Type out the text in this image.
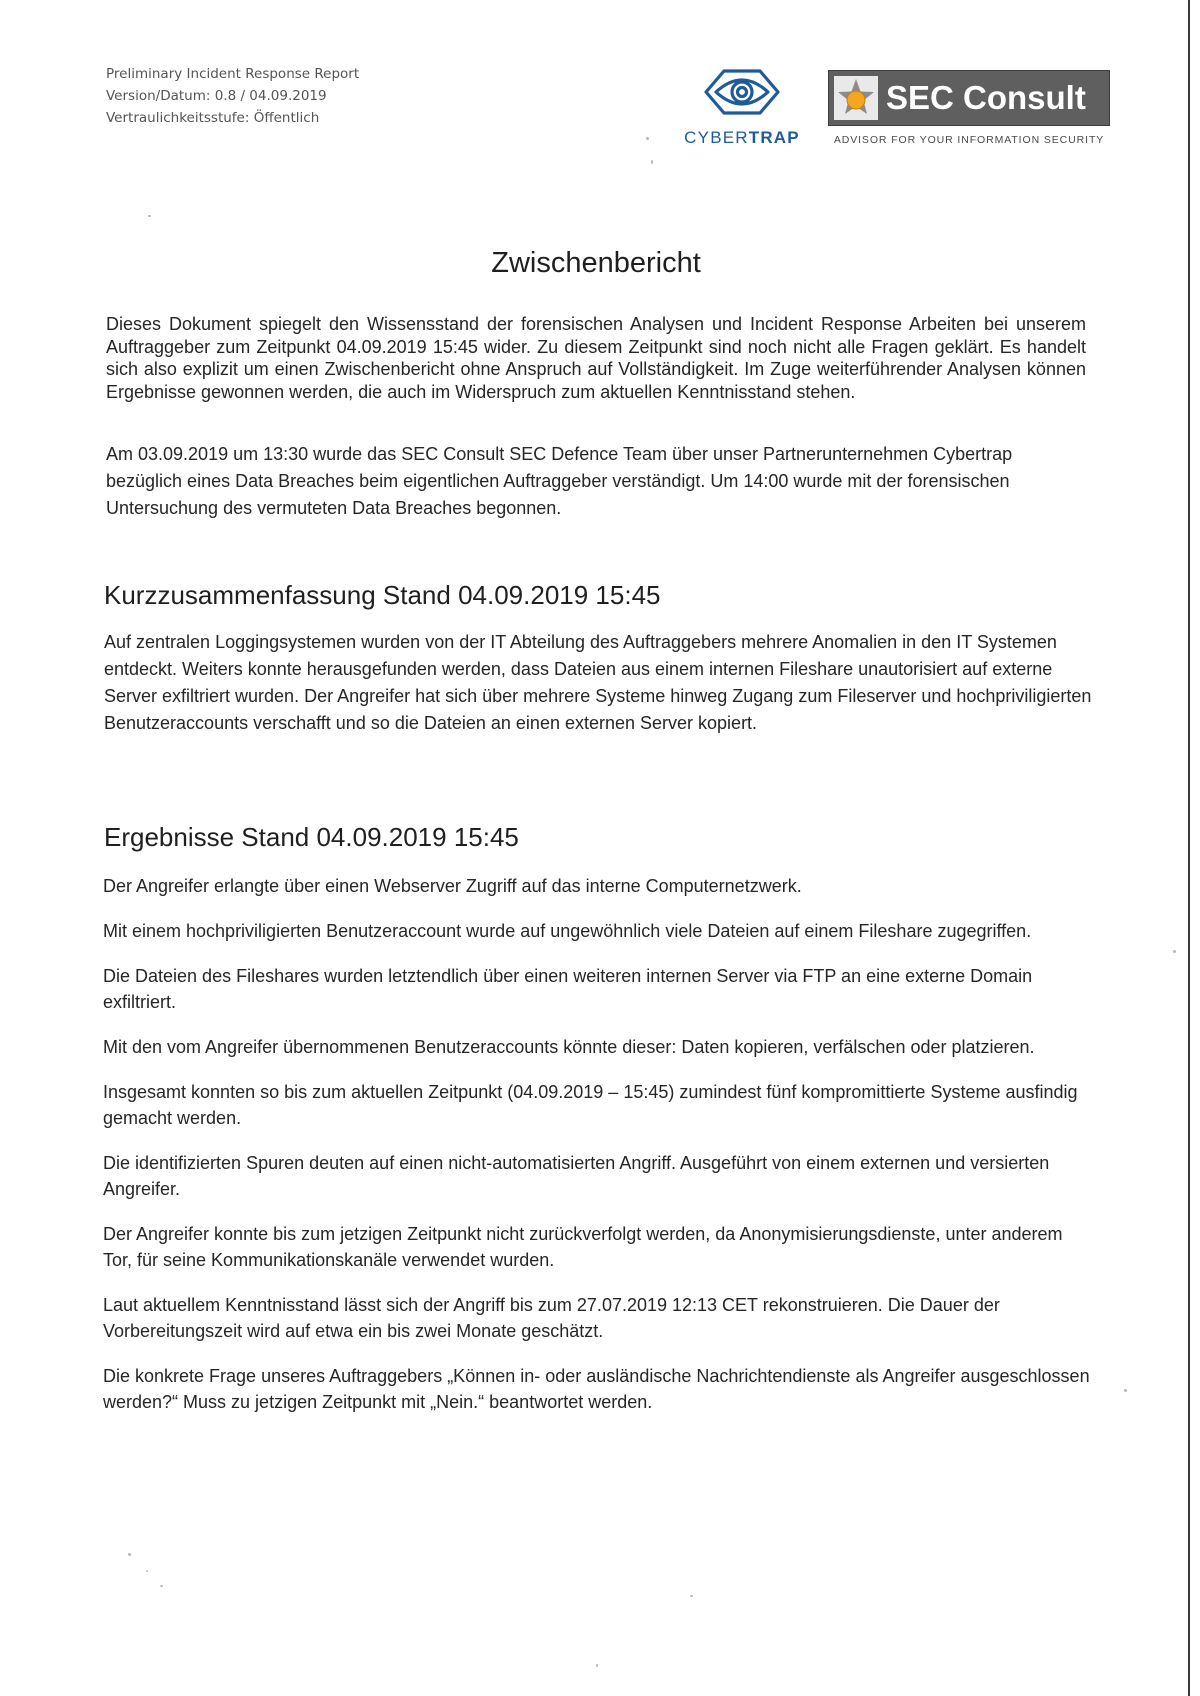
Preliminary Incident Response Report
Version/Datum: 0.8 / 04.09.2019
Vertraulichkeitsstufe: Öffentlich
CYBERTRAP
SEC Consult
ADVISOR FOR YOUR INFORMATION SECURITY
Zwischenbericht
Dieses Dokument spiegelt den Wissensstand der forensischen Analysen und Incident Response Arbeiten bei unserem Auftraggeber zum Zeitpunkt 04.09.2019 15:45 wider. Zu diesem Zeitpunkt sind noch nicht alle Fragen geklärt. Es handelt sich also explizit um einen Zwischenbericht ohne Anspruch auf Vollständigkeit. Im Zuge weiterführender Analysen können Ergebnisse gewonnen werden, die auch im Widerspruch zum aktuellen Kenntnisstand stehen.
Am 03.09.2019 um 13:30 wurde das SEC Consult SEC Defence Team über unser Partnerunternehmen Cybertrap bezüglich eines Data Breaches beim eigentlichen Auftraggeber verständigt. Um 14:00 wurde mit der forensischen Untersuchung des vermuteten Data Breaches begonnen.
Kurzzusammenfassung Stand 04.09.2019 15:45
Auf zentralen Loggingsystemen wurden von der IT Abteilung des Auftraggebers mehrere Anomalien in den IT Systemen entdeckt. Weiters konnte herausgefunden werden, dass Dateien aus einem internen Fileshare unautorisiert auf externe Server exfiltriert wurden. Der Angreifer hat sich über mehrere Systeme hinweg Zugang zum Fileserver und hochpriviligierten Benutzeraccounts verschafft und so die Dateien an einen externen Server kopiert.
Ergebnisse Stand 04.09.2019 15:45

Der Angreifer erlangte über einen Webserver Zugriff auf das interne Computernetzwerk.

Mit einem hochpriviligierten Benutzeraccount wurde auf ungewöhnlich viele Dateien auf einem Fileshare zugegriffen.

Die Dateien des Fileshares wurden letztendlich über einen weiteren internen Server via FTP an eine externe Domain exfiltriert.

Mit den vom Angreifer übernommenen Benutzeraccounts könnte dieser: Daten kopieren, verfälschen oder platzieren.

Insgesamt konnten so bis zum aktuellen Zeitpunkt (04.09.2019 – 15:45) zumindest fünf kompromittierte Systeme ausfindig gemacht werden.

Die identifizierten Spuren deuten auf einen nicht-automatisierten Angriff. Ausgeführt von einem externen und versierten Angreifer.

Der Angreifer konnte bis zum jetzigen Zeitpunkt nicht zurückverfolgt werden, da Anonymisierungsdienste, unter anderem Tor, für seine Kommunikationskanäle verwendet wurden.

Laut aktuellem Kenntnisstand lässt sich der Angriff bis zum 27.07.2019 12:13 CET rekonstruieren. Die Dauer der Vorbereitungszeit wird auf etwa ein bis zwei Monate geschätzt.

Die konkrete Frage unseres Auftraggebers „Können in- oder ausländische Nachrichtendienste als Angreifer ausgeschlossen werden?“ Muss zu jetzigen Zeitpunkt mit „Nein.“ beantwortet werden.
